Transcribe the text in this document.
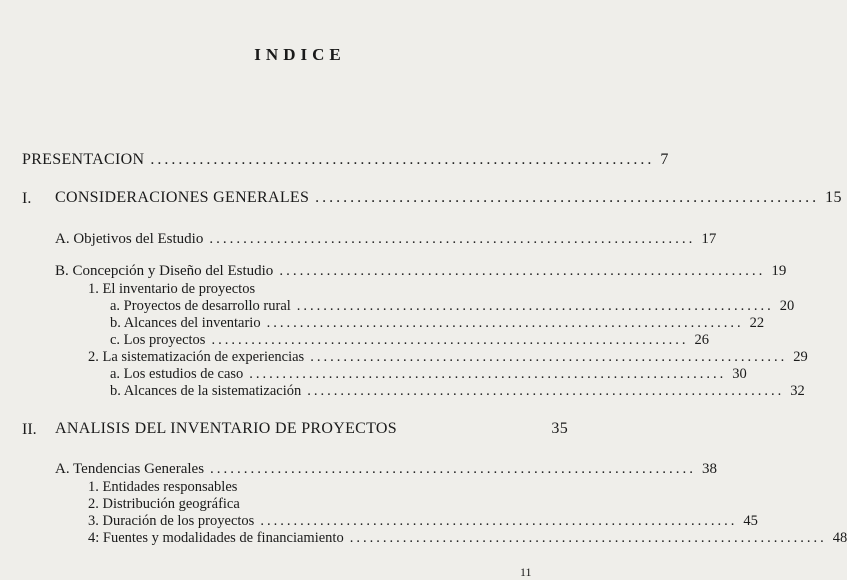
INDICE
PRESENTACION ........................................................................ 7
I. CONSIDERACIONES GENERALES ........................................................................ 15
A. Objetivos del Estudio ........................................................................ 17
B. Concepción y Diseño del Estudio ........................................................................ 19
1. El inventario de proyectos
a. Proyectos de desarrollo rural ........................................................................ 20
b. Alcances del inventario ........................................................................ 22
c. Los proyectos ........................................................................ 26
2. La sistematización de experiencias ........................................................................ 29
a. Los estudios de caso ........................................................................ 30
b. Alcances de la sistematización ........................................................................ 32
II. ANALISIS DEL INVENTARIO DE PROYECTOS	35
A. Tendencias Generales ........................................................................ 38
1. Entidades responsables
2. Distribución geográfica
3. Duración de los proyectos ........................................................................ 45
4: Fuentes y modalidades de financiamiento ........................................................................ 48
11
